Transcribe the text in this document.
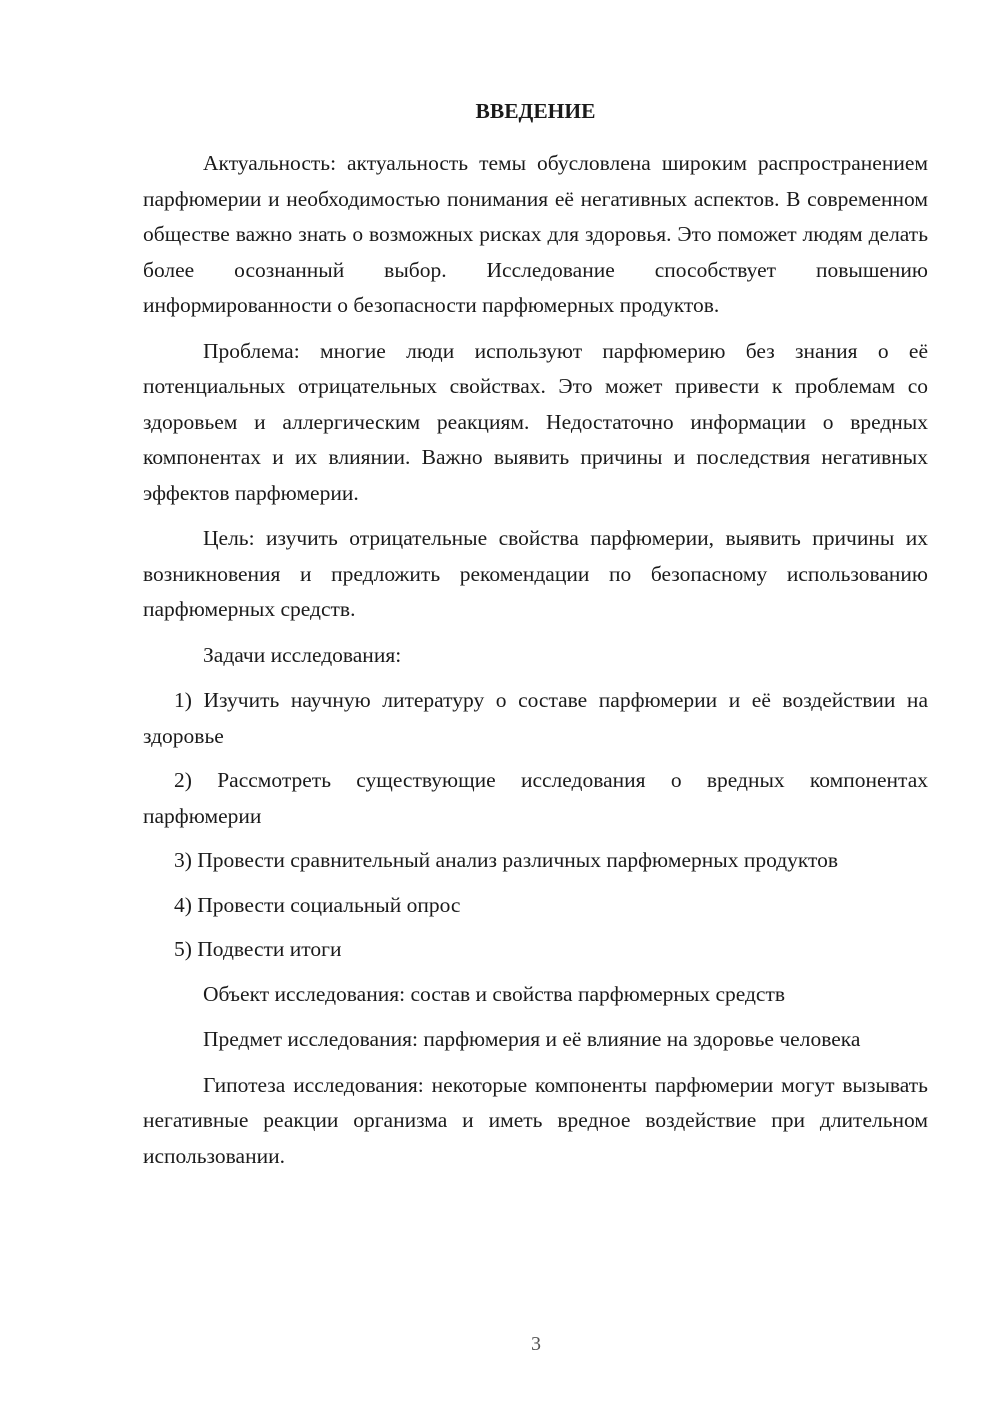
ВВЕДЕНИЕ

Актуальность: актуальность темы обусловлена широким распространением парфюмерии и необходимостью понимания её негативных аспектов. В современном обществе важно знать о возможных рисках для здоровья. Это поможет людям делать более осознанный выбор. Исследование способствует повышению информированности о безопасности парфюмерных продуктов.

Проблема: многие люди используют парфюмерию без знания о её потенциальных отрицательных свойствах. Это может привести к проблемам со здоровьем и аллергическим реакциям. Недостаточно информации о вредных компонентах и их влиянии. Важно выявить причины и последствия негативных эффектов парфюмерии.

Цель: изучить отрицательные свойства парфюмерии, выявить причины их возникновения и предложить рекомендации по безопасному использованию парфюмерных средств.

Задачи исследования:

1) Изучить научную литературу о составе парфюмерии и её воздействии на здоровье

2) Рассмотреть существующие исследования о вредных компонентах парфюмерии

3) Провести сравнительный анализ различных парфюмерных продуктов

4) Провести социальный опрос

5) Подвести итоги

Объект исследования: состав и свойства парфюмерных средств

Предмет исследования: парфюмерия и её влияние на здоровье человека

Гипотеза исследования: некоторые компоненты парфюмерии могут вызывать негативные реакции организма и иметь вредное воздействие при длительном использовании.

3
